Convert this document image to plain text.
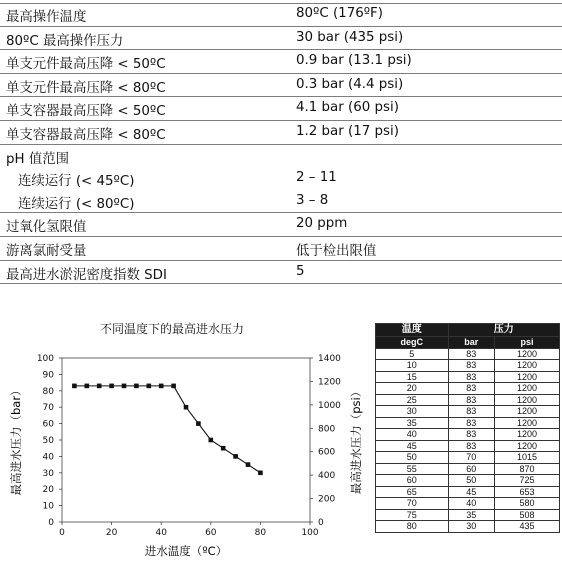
最高操作温度	80ºC (176ºF)
80ºC 最高操作压力	30 bar (435 psi)
单支元件最高压降 < 50ºC	0.9 bar (13.1 psi)
单支元件最高压降 < 80ºC	0.3 bar (4.4 psi)
单支容器最高压降 < 50ºC	4.1 bar (60 psi)
单支容器最高压降 < 80ºC	1.2 bar (17 psi)
pH 值范围
连续运行 (< 45ºC)	2 – 11
连续运行 (< 80ºC)	3 – 8
过氧化氢限值	20 ppm
游离氯耐受量	低于检出限值
最高进水淤泥密度指数 SDI	5
不同温度下的最高进水压力
0
10
20
30
40
50
60
70
80
90
100
0
200
400
600
800
1000
1200
1400
0	20	40	60	80	100
进水温度（ºC）
最高进水压力（bar）	最高进水压力（psi）
温度	压力	
degC	bar	psi
5	83	1200
10	83	1200
15	83	1200
20	83	1200
25	83	1200
30	83	1200
35	83	1200
40	83	1200
45	83	1200
50	70	1015
55	60	870
60	50	725
65	45	653
70	40	580
75	35	508
80	30	435
